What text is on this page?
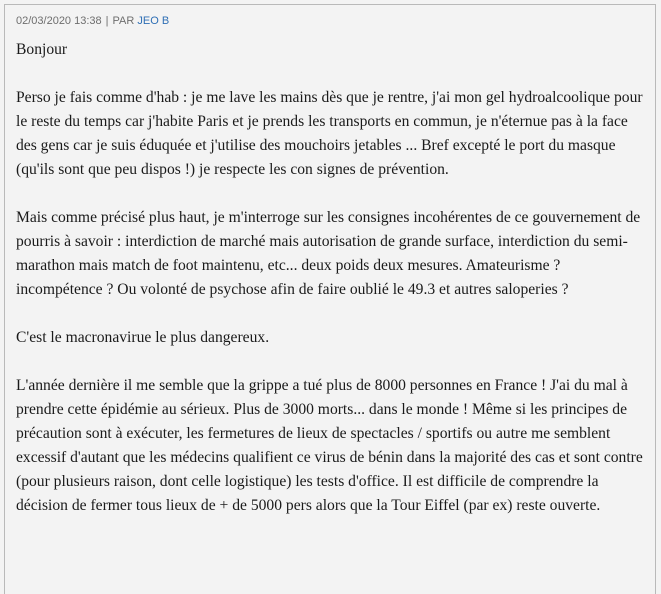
02/03/2020 13:38 | PAR JEO B

Bonjour

Perso je fais comme d'hab : je me lave les mains dès que je rentre, j'ai mon gel hydroalcoolique pour le reste du temps car j'habite Paris et je prends les transports en commun, je n'éternue pas à la face des gens car je suis éduquée et j'utilise des mouchoirs jetables ... Bref excepté le port du masque (qu'ils sont que peu dispos !) je respecte les con signes de prévention.

Mais comme précisé plus haut, je m'interroge sur les consignes incohérentes de ce gouvernement de pourris à savoir : interdiction de marché mais autorisation de grande surface, interdiction du semi-marathon mais match de foot maintenu, etc... deux poids deux mesures. Amateurisme ? incompétence ? Ou volonté de psychose afin de faire oublié le 49.3 et autres saloperies ?

C'est le macronavirue le plus dangereux.

L'année dernière il me semble que la grippe a tué plus de 8000 personnes en France ! J'ai du mal à prendre cette épidémie au sérieux. Plus de 3000 morts... dans le monde ! Même si les principes de précaution sont à exécuter, les fermetures de lieux de spectacles / sportifs ou autre me semblent excessif d'autant que les médecins qualifient ce virus de bénin dans la majorité des cas et sont contre (pour plusieurs raison, dont celle logistique) les tests d'office. Il est difficile de comprendre la décision de fermer tous lieux de + de 5000 pers alors que la Tour Eiffel (par ex) reste ouverte.
